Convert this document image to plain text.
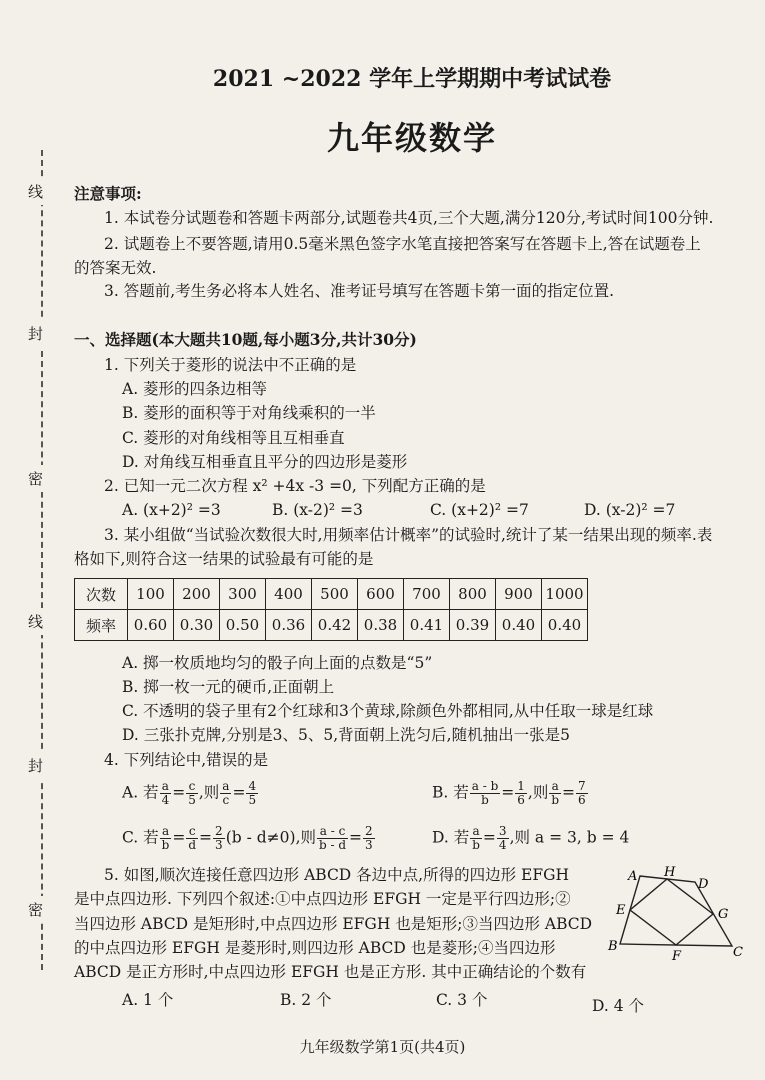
线
封
密
线
封
密
2021 ~2022 学年上学期期中考试试卷
九年级数学
注意事项:
1. 本试卷分试题卷和答题卡两部分,试题卷共4页,三个大题,满分120分,考试时间100分钟.
2. 试题卷上不要答题,请用0.5毫米黑色签字水笔直接把答案写在答题卡上,答在试题卷上
的答案无效.
3. 答题前,考生务必将本人姓名、准考证号填写在答题卡第一面的指定位置.
一、选择题(本大题共10题,每小题3分,共计30分)
1. 下列关于菱形的说法中不正确的是
A. 菱形的四条边相等
B. 菱形的面积等于对角线乘积的一半
C. 菱形的对角线相等且互相垂直
D. 对角线互相垂直且平分的四边形是菱形
2. 已知一元二次方程 x² +4x -3 =0, 下列配方正确的是
A. (x+2)² =3	B. (x-2)² =3	C. (x+2)² =7	D. (x-2)² =7
3. 某小组做“当试验次数很大时,用频率估计概率”的试验时,统计了某一结果出现的频率.表
格如下,则符合这一结果的试验最有可能的是
次数	100	200	300	400	500	600	700	800	900	1000
频率	0.60	0.30	0.50	0.36	0.42	0.38	0.41	0.39	0.40	0.40
A. 掷一枚质地均匀的骰子向上面的点数是“5”
B. 掷一枚一元的硬币,正面朝上
C. 不透明的袋子里有2个红球和3个黄球,除颜色外都相同,从中任取一球是红球
D. 三张扑克牌,分别是3、5、5,背面朝上洗匀后,随机抽出一张是5
4. 下列结论中,错误的是
A. 若 $\frac{a}{4} = \frac{c}{5}$ ,则 $\frac{a}{c} = \frac{4}{5}$	B. 若 $\frac{a - b}{b} = \frac{1}{6}$ ,则 $\frac{a}{b} = \frac{7}{6}$
C. 若 $\frac{a}{b} = \frac{c}{d} = \frac{2}{3} (b - d\ne 0)$,则 $\frac{a - c}{b - d} = \frac{2}{3}$	D. 若 $\frac{a}{b} = \frac{3}{4}$ ,则 a = 3, b = 4
5. 如图,顺次连接任意四边形 ABCD 各边中点,所得的四边形 EFGH
是中点四边形. 下列四个叙述:①中点四边形 EFGH 一定是平行四边形;②
当四边形 ABCD 是矩形时,中点四边形 EFGH 也是矩形;③当四边形 ABCD
的中点四边形 EFGH 是菱形时,则四边形 ABCD 也是菱形;④当四边形
ABCD 是正方形时,中点四边形 EFGH 也是正方形. 其中正确结论的个数有
A. 1 个	B. 2 个	C. 3 个	D. 4 个
A H
D
E	G
B
F	C
九年级数学第1页(共4页)
